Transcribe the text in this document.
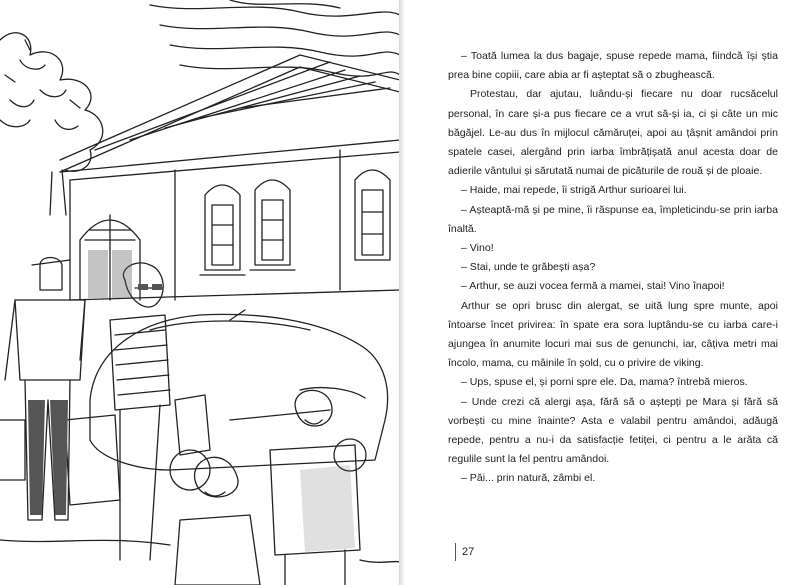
– Toată lumea la dus bagaje, spuse repede mama, fiindcă își știa prea bine copiii, care abia ar fi așteptat să o zbughească.

Protestau, dar ajutau, luându-și fiecare nu doar rucsăcelul personal, în care și-a pus fiecare ce a vrut să-și ia, ci și câte un mic băgăjel. Le-au dus în mijlocul cămăruței, apoi au țâșnit amândoi prin spatele casei, alergând prin iarba îmbrățișată anul acesta doar de adierile vântului și sărutată numai de picăturile de rouă și de ploaie.

– Haide, mai repede, îi strigă Arthur surioarei lui.

– Așteaptă-mă și pe mine, îi răspunse ea, împleticindu-se prin iarba înaltă.

– Vino!

– Stai, unde te grăbești așa?

– Arthur, se auzi vocea fermă a mamei, stai! Vino înapoi!

Arthur se opri brusc din alergat, se uită lung spre munte, apoi întoarse încet privirea: în spate era sora luptându-se cu iarba care-i ajungea în anumite locuri mai sus de genunchi, iar, câțiva metri mai încolo, mama, cu mâinile în șold, cu o privire de viking.

– Ups, spuse el, și porni spre ele. Da, mama? întrebă mieros.

– Unde crezi că alergi așa, fără să o aștepți pe Mara și fără să vorbești cu mine înainte? Asta e valabil pentru amândoi, adăugă repede, pentru a nu-i da satisfacție fetiței, ci pentru a le arăta că regulile sunt la fel pentru amândoi.

– Păi... prin natură, zâmbi el.

27
